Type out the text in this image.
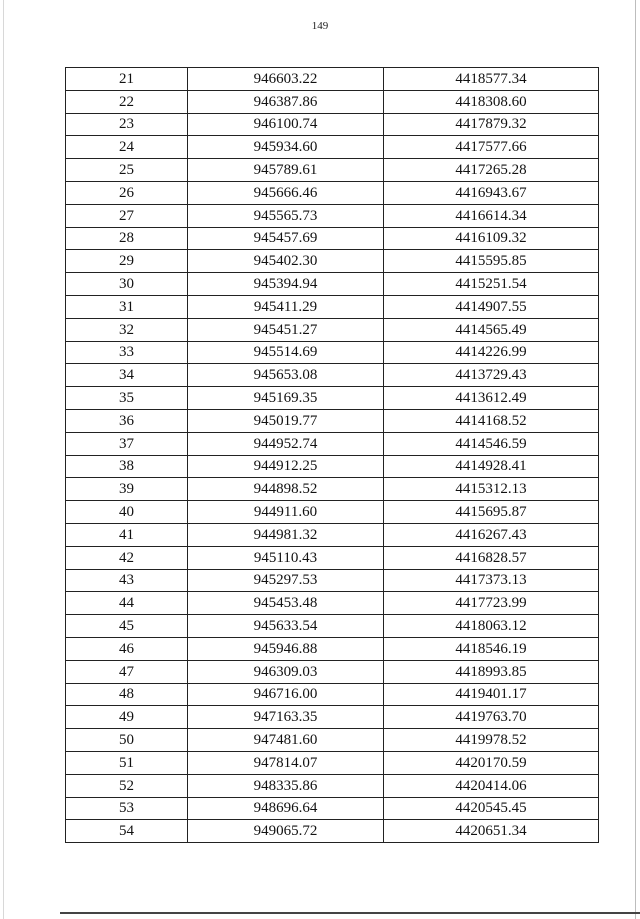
149
21	946603.22	4418577.34
22	946387.86	4418308.60
23	946100.74	4417879.32
24	945934.60	4417577.66
25	945789.61	4417265.28
26	945666.46	4416943.67
27	945565.73	4416614.34
28	945457.69	4416109.32
29	945402.30	4415595.85
30	945394.94	4415251.54
31	945411.29	4414907.55
32	945451.27	4414565.49
33	945514.69	4414226.99
34	945653.08	4413729.43
35	945169.35	4413612.49
36	945019.77	4414168.52
37	944952.74	4414546.59
38	944912.25	4414928.41
39	944898.52	4415312.13
40	944911.60	4415695.87
41	944981.32	4416267.43
42	945110.43	4416828.57
43	945297.53	4417373.13
44	945453.48	4417723.99
45	945633.54	4418063.12
46	945946.88	4418546.19
47	946309.03	4418993.85
48	946716.00	4419401.17
49	947163.35	4419763.70
50	947481.60	4419978.52
51	947814.07	4420170.59
52	948335.86	4420414.06
53	948696.64	4420545.45
54	949065.72	4420651.34
